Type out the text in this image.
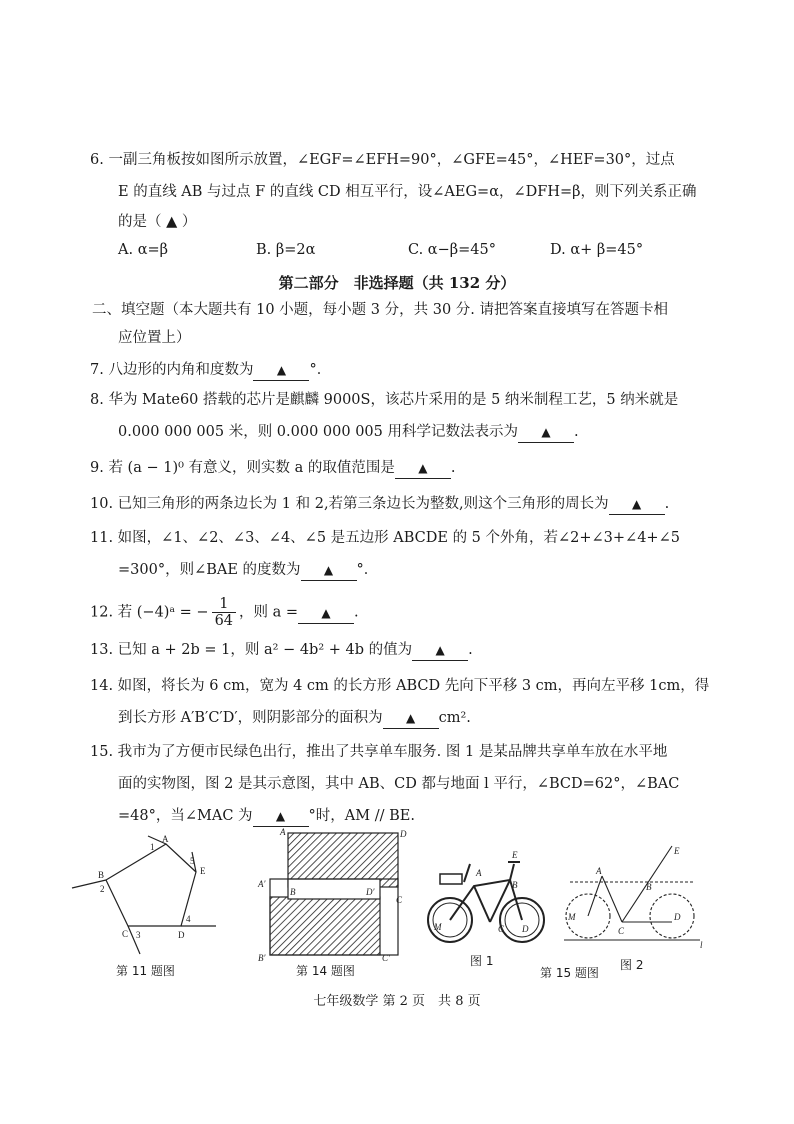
6. 一副三角板按如图所示放置，∠EGF=∠EFH=90°，∠GFE=45°，∠HEF=30°，过点
E 的直线 AB 与过点 F 的直线 CD 相互平行，设∠AEG=α，∠DFH=β，则下列关系正确
的是（ ▲ ）
A. α=β	B. β=2α	C. α−β=45°	D. α+ β=45°
第二部分　非选择题（共 132 分）
二、填空题（本大题共有 10 小题，每小题 3 分，共 30 分. 请把答案直接填写在答题卡相
应位置上）
7. 八边形的内角和度数为 ▲ °．
8. 华为 Mate60 搭载的芯片是麒麟 9000S，该芯片采用的是 5 纳米制程工艺，5 纳米就是
0.000 000 005 米，则 0.000 000 005 用科学记数法表示为 ▲ .
9. 若 (a − 1)⁰ 有意义，则实数 a 的取值范围是 ▲ .
10. 已知三角形的两条边长为 1 和 2,若第三条边长为整数,则这个三角形的周长为 ▲ .
11. 如图，∠1、∠2、∠3、∠4、∠5 是五边形 ABCDE 的 5 个外角，若∠2+∠3+∠4+∠5
=300°，则∠BAE 的度数为 ▲ °．
12. 若 (−4)ᵃ = − $\frac{1}{64}$ ，则 a = ▲ .
13. 已知 a + 2b = 1，则 a² − 4b² + 4b 的值为 ▲ .
14. 如图，将长为 6 cm，宽为 4 cm 的长方形 ABCD 先向下平移 3 cm，再向左平移 1cm，得
到长方形 A′B′C′D′，则阴影部分的面积为 ▲ cm².
15. 我市为了方便市民绿色出行，推出了共享单车服务. 图 1 是某品牌共享单车放在水平地
面的实物图，图 2 是其示意图，其中 AB、CD 都与地面 l 平行，∠BCD=62°，∠BAC
=48°，当∠MAC 为 ▲ °时，AM // BE.
B
A
E
D
C
1
2
3
4
5
A	D
A′
B	D′
C
B′	C′
A
E
B
M	C D
A
E
B
M
C
D
l
第 11 题图	第 14 题图
图 1
第 15 题图
图 2
七年级数学 第 2 页　共 8 页
